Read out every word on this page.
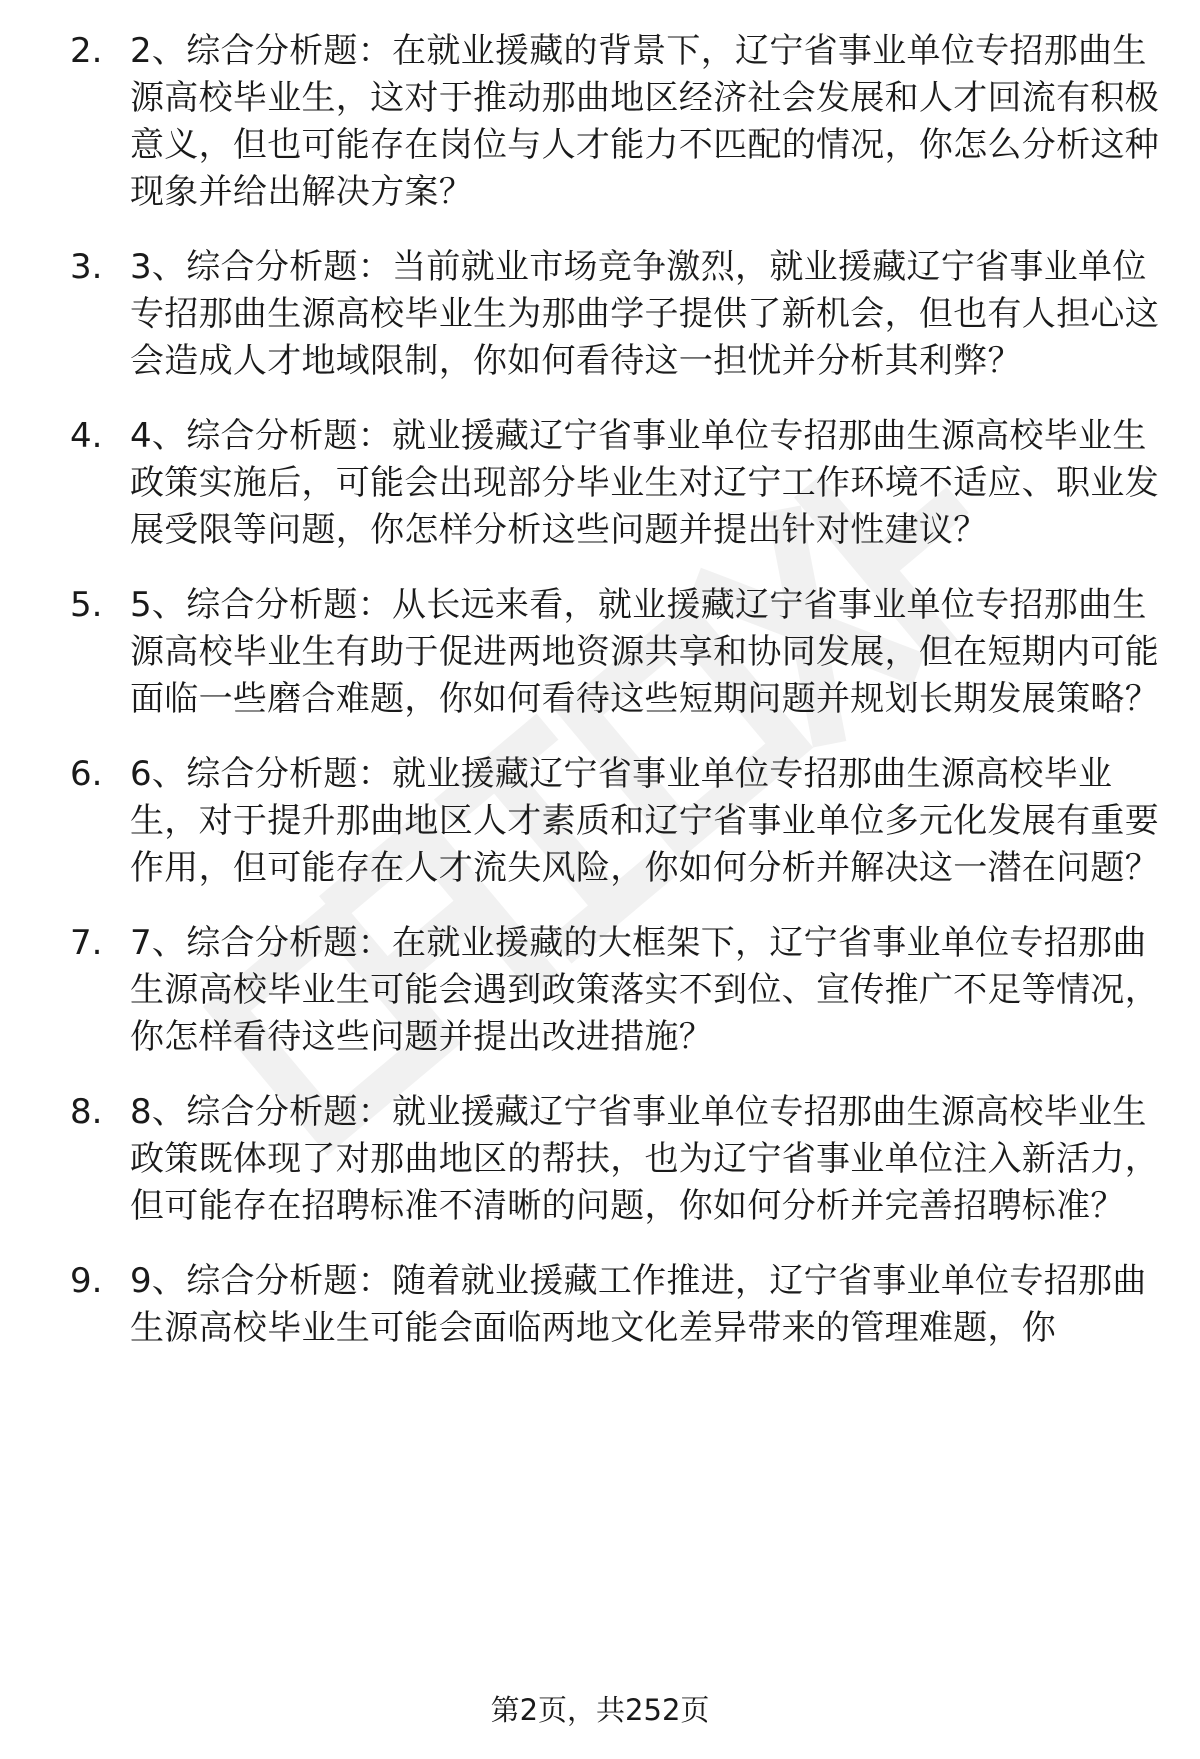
2. 2、综合分析题：在就业援藏的背景下，辽宁省事业单位专招那曲生源高校毕业生，这对于推动那曲地区经济社会发展和人才回流有积极意义，但也可能存在岗位与人才能力不匹配的情况，你怎么分析这种现象并给出解决方案？
3. 3、综合分析题：当前就业市场竞争激烈，就业援藏辽宁省事业单位专招那曲生源高校毕业生为那曲学子提供了新机会，但也有人担心这会造成人才地域限制，你如何看待这一担忧并分析其利弊？
4. 4、综合分析题：就业援藏辽宁省事业单位专招那曲生源高校毕业生政策实施后，可能会出现部分毕业生对辽宁工作环境不适应、职业发展受限等问题，你怎样分析这些问题并提出针对性建议？
5. 5、综合分析题：从长远来看，就业援藏辽宁省事业单位专招那曲生源高校毕业生有助于促进两地资源共享和协同发展，但在短期内可能面临一些磨合难题，你如何看待这些短期问题并规划长期发展策略？
6. 6、综合分析题：就业援藏辽宁省事业单位专招那曲生源高校毕业生，对于提升那曲地区人才素质和辽宁省事业单位多元化发展有重要作用，但可能存在人才流失风险，你如何分析并解决这一潜在问题？
7. 7、综合分析题：在就业援藏的大框架下，辽宁省事业单位专招那曲生源高校毕业生可能会遇到政策落实不到位、宣传推广不足等情况，你怎样看待这些问题并提出改进措施？
8. 8、综合分析题：就业援藏辽宁省事业单位专招那曲生源高校毕业生政策既体现了对那曲地区的帮扶，也为辽宁省事业单位注入新活力，但可能存在招聘标准不清晰的问题，你如何分析并完善招聘标准？
9. 9、综合分析题：随着就业援藏工作推进，辽宁省事业单位专招那曲生源高校毕业生可能会面临两地文化差异带来的管理难题，你
第2页，共252页
